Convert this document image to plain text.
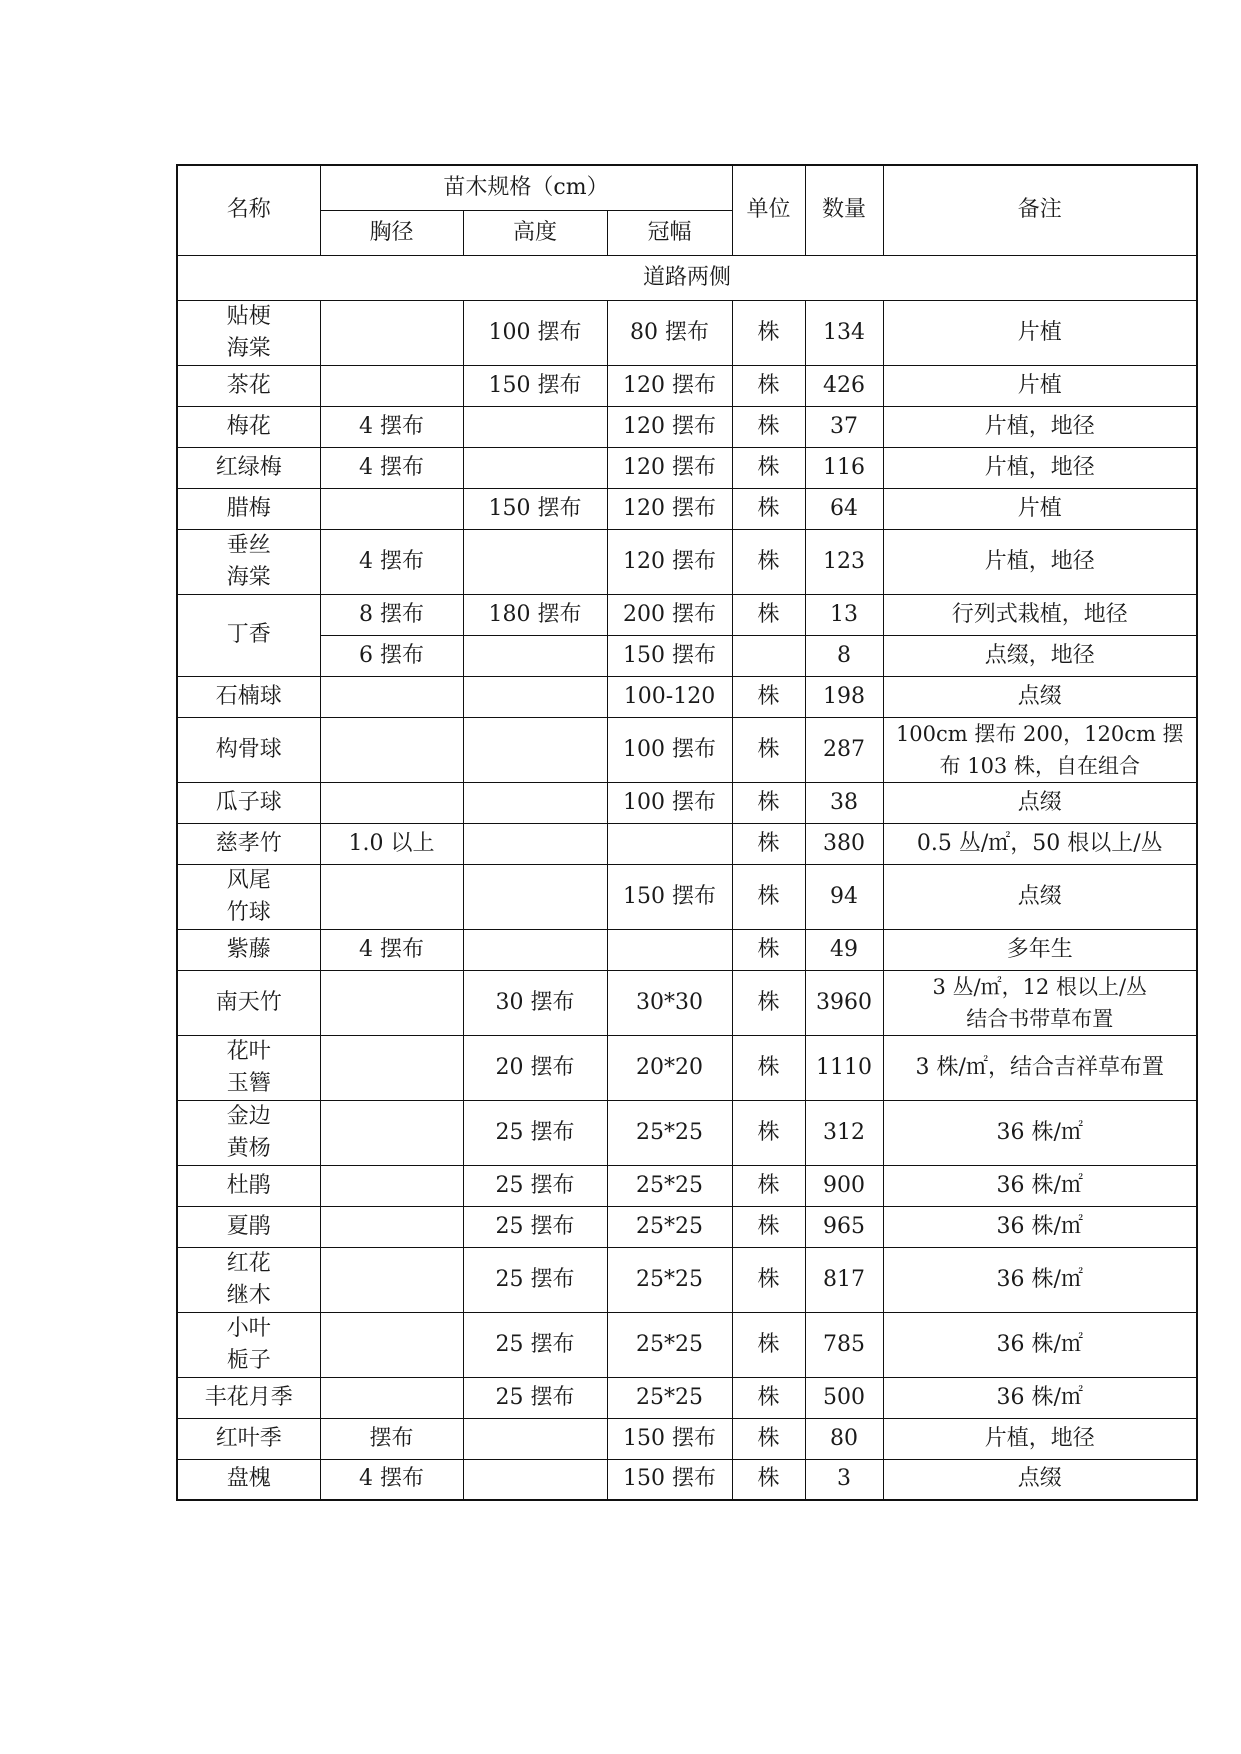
名称	苗木规格（cm）			单位	数量	备注
	胸径	高度	冠幅			
道路两侧						

贴梗
海棠		100 摆布	80 摆布	株	134	片植
茶花		150 摆布	120 摆布	株	426	片植
梅花	4 摆布		120 摆布	株	37	片植，地径
红绿梅	4 摆布		120 摆布	株	116	片植，地径
腊梅		150 摆布	120 摆布	株	64	片植

垂丝
海棠	4 摆布		120 摆布	株	123	片植，地径
丁香	8 摆布	180 摆布	200 摆布	株	13	行列式栽植，地径
	6 摆布		150 摆布		8	点缀，地径
石楠球			100-120	株	198	点缀
构骨球			100 摆布	株	287	100cm 摆布 200，120cm 摆
布 103 株，自在组合

瓜子球			100 摆布	株	38	点缀
慈孝竹	1.0 以上			株	380	0.5 丛/㎡，50 根以上/丛

风尾
竹球			150 摆布	株	94	点缀
紫藤	4 摆布			株	49	多年生
南天竹		30 摆布	30*30	株	3960	3 丛/㎡，12 根以上/丛
结合书带草布置

花叶
玉簪		20 摆布	20*20	株	1110	3 株/㎡，结合吉祥草布置

金边
黄杨		25 摆布	25*25	株	312	36 株/㎡
杜鹃		25 摆布	25*25	株	900	36 株/㎡
夏鹃		25 摆布	25*25	株	965	36 株/㎡

红花
继木		25 摆布	25*25	株	817	36 株/㎡

小叶
栀子		25 摆布	25*25	株	785	36 株/㎡
丰花月季		25 摆布	25*25	株	500	36 株/㎡
红叶季	摆布		150 摆布	株	80	片植，地径
盘槐	4 摆布		150 摆布	株	3	点缀
